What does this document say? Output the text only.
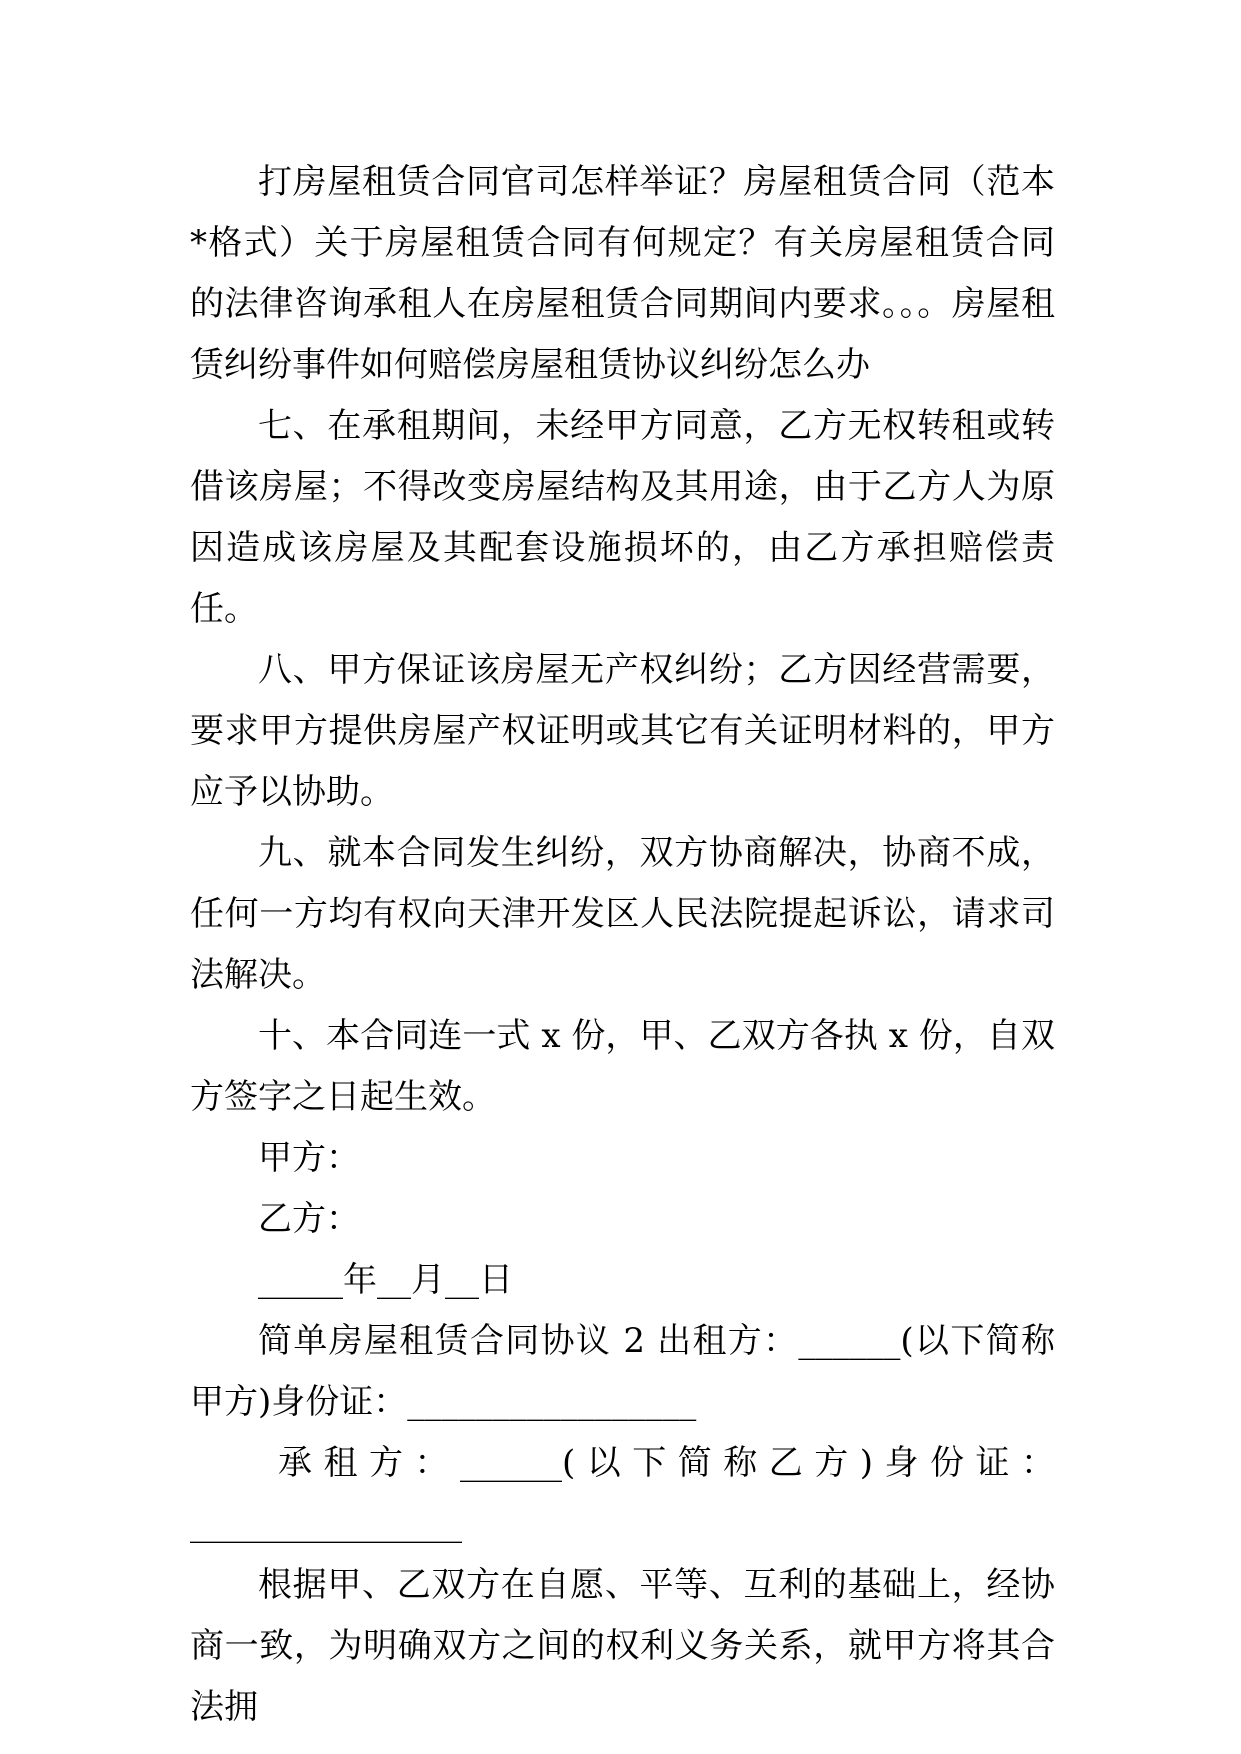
打房屋租赁合同官司怎样举证？房屋租赁合同（范本*格式）关于房屋租赁合同有何规定？有关房屋租赁合同的法律咨询承租人在房屋租赁合同期间内要求。。。房屋租赁纠纷事件如何赔偿房屋租赁协议纠纷怎么办

七、在承租期间，未经甲方同意，乙方无权转租或转借该房屋；不得改变房屋结构及其用途，由于乙方人为原因造成该房屋及其配套设施损坏的，由乙方承担赔偿责任。

八、甲方保证该房屋无产权纠纷；乙方因经营需要，要求甲方提供房屋产权证明或其它有关证明材料的，甲方应予以协助。

九、就本合同发生纠纷，双方协商解决，协商不成，任何一方均有权向天津开发区人民法院提起诉讼，请求司法解决。

十、本合同连一式 x 份，甲、乙双方各执 x 份，自双方签字之日起生效。

甲方：

乙方：

_____年__月__日

简单房屋租赁合同协议 2 出租方：______(以下简称甲方)身份证：_________________

承租方：______(以下简称乙方)身份证：

________________

根据甲、乙双方在自愿、平等、互利的基础上，经协商一致，为明确双方之间的权利义务关系，就甲方将其合法拥
